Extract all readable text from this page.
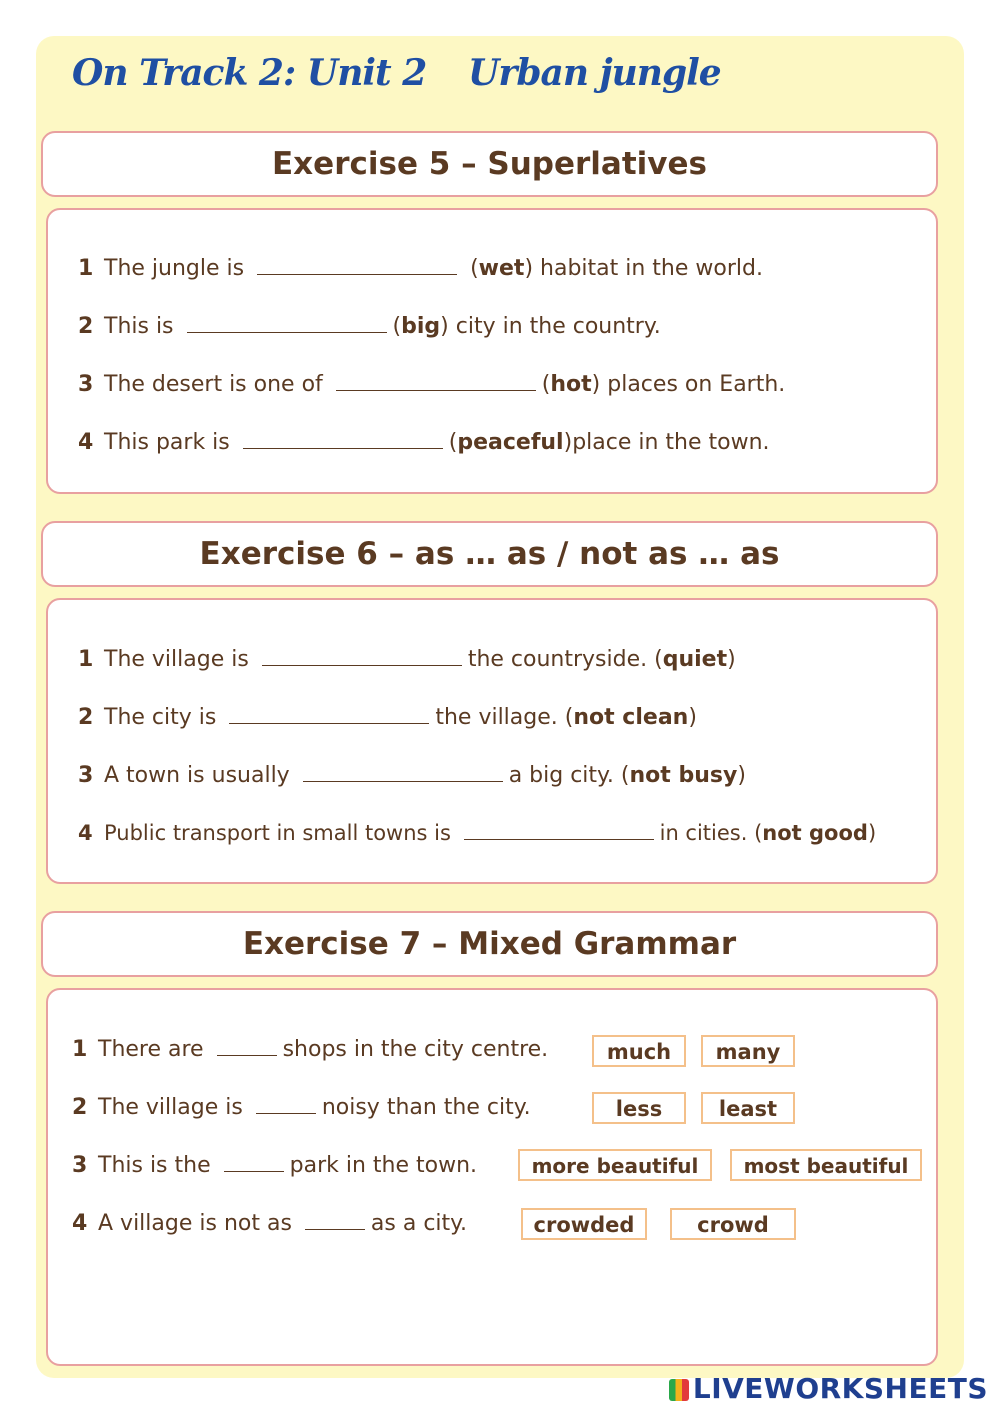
On Track 2: Unit 2 Urban jungle
Exercise 5 – Superlatives
1 The jungle is	(wet) habitat in the world.
2 This is	(big) city in the country.
3 The desert is one of	(hot) places on Earth.
4 This park is	(peaceful)place in the town.
Exercise 6 – as … as / not as … as
1 The village is	the countryside. (quiet)
2 The city is	the village. (not clean)
3 A town is usually	a big city. (not busy)
4 Public transport in small towns is	in cities. (not good)
Exercise 7 – Mixed Grammar
1 There are	shops in the city centre.	much	many
2 The village is	noisy than the city.	less	least
3 This is the	park in the town.	more beautiful	most beautiful
4 A village is not as	as a city.	crowded	crowd
LIVEWORKSHEETS
